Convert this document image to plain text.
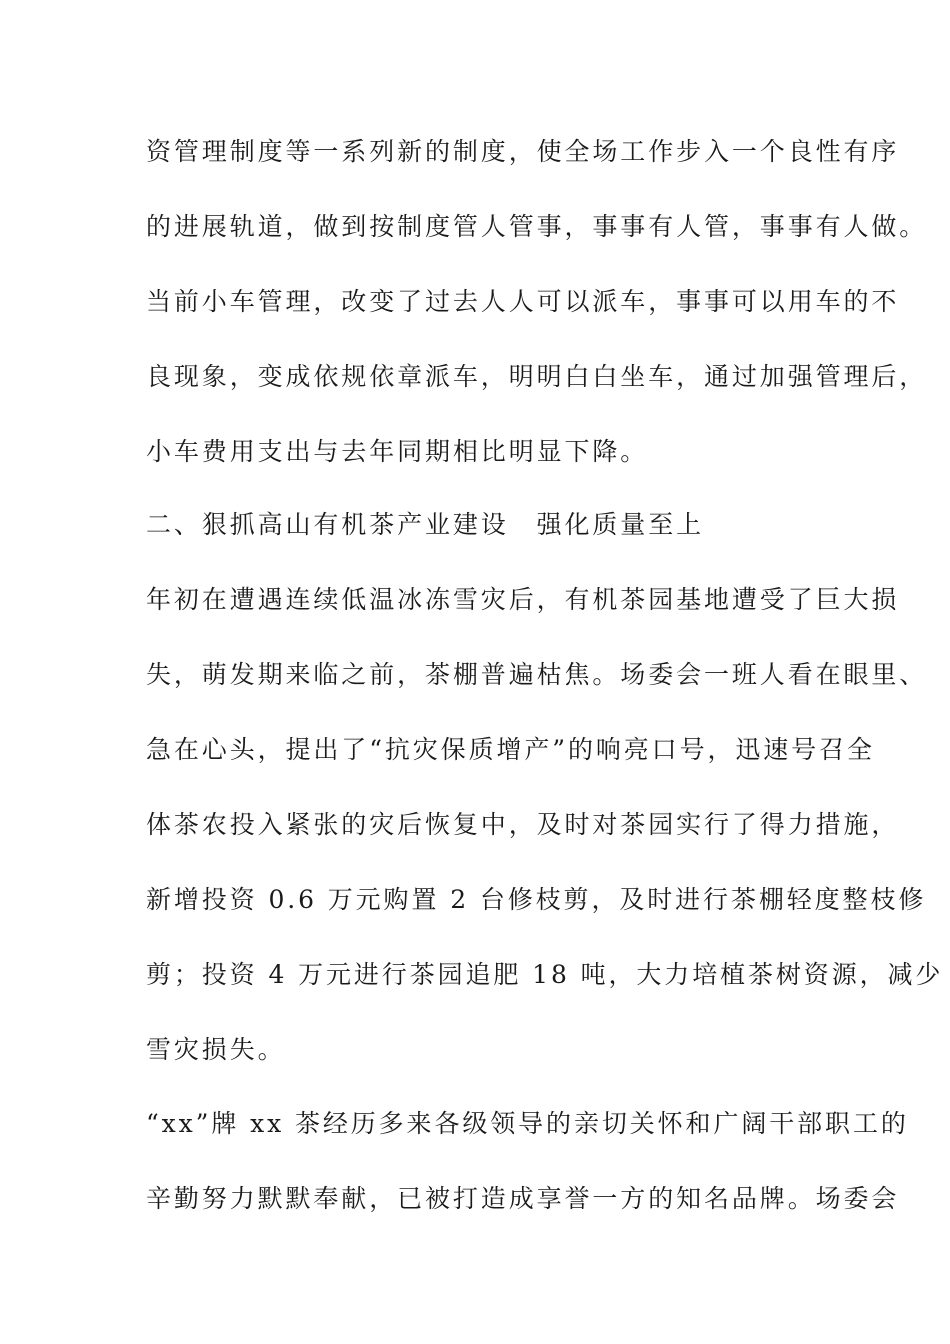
资管理制度等一系列新的制度，使全场工作步入一个良性有序

的进展轨道，做到按制度管人管事，事事有人管，事事有人做。

当前小车管理，改变了过去人人可以派车，事事可以用车的不

良现象，变成依规依章派车，明明白白坐车，通过加强管理后，

小车费用支出与去年同期相比明显下降。

二、狠抓高山有机茶产业建设　强化质量至上

年初在遭遇连续低温冰冻雪灾后，有机茶园基地遭受了巨大损

失，萌发期来临之前，茶棚普遍枯焦。场委会一班人看在眼里、

急在心头，提出了“抗灾保质增产”的响亮口号，迅速号召全

体茶农投入紧张的灾后恢复中，及时对茶园实行了得力措施，

新增投资 0.6 万元购置 2 台修枝剪，及时进行茶棚轻度整枝修

剪；投资 4 万元进行茶园追肥 18 吨，大力培植茶树资源，减少

雪灾损失。

“xx”牌 xx 茶经历多来各级领导的亲切关怀和广阔干部职工的

辛勤努力默默奉献，已被打造成享誉一方的知名品牌。场委会
